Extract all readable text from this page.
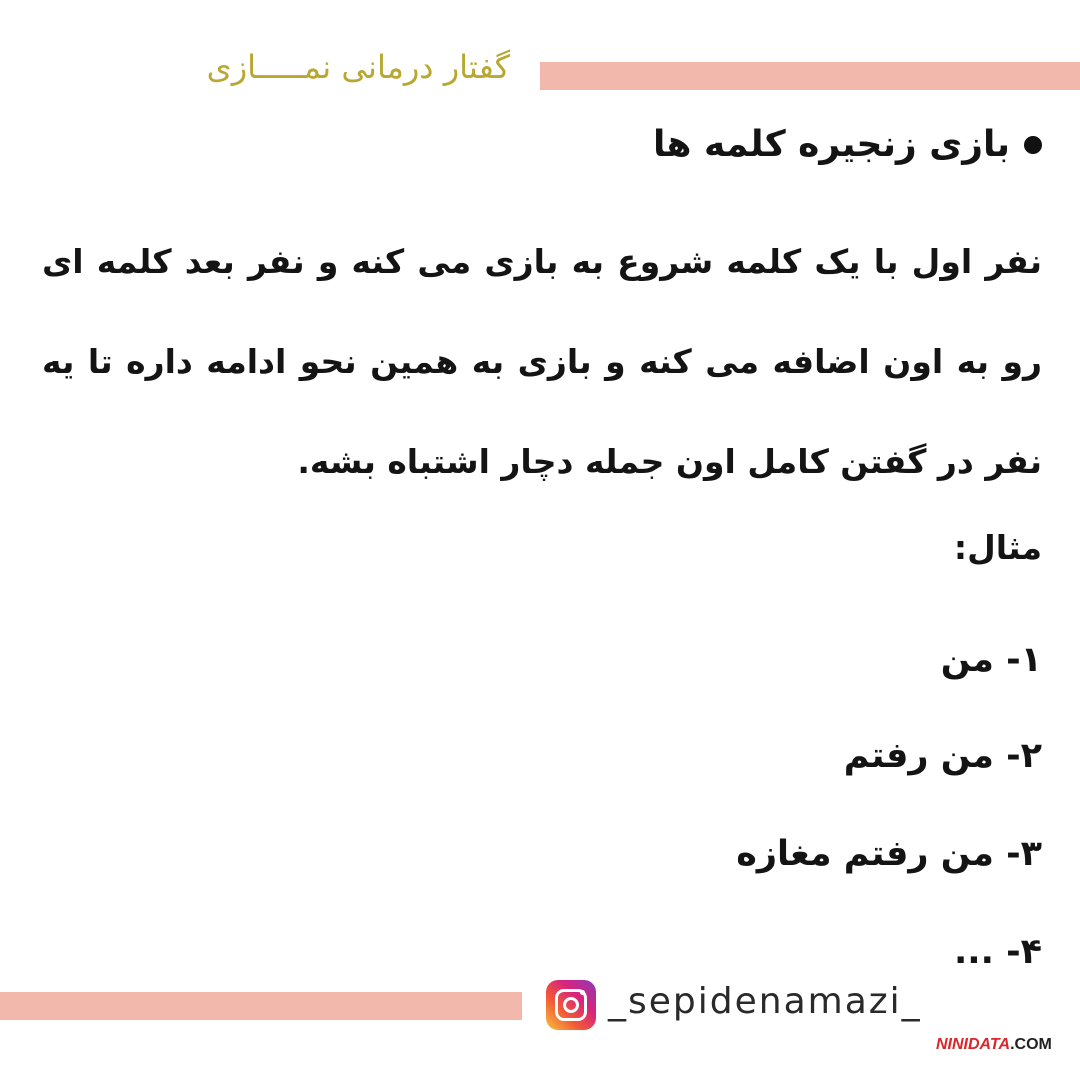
گفتار درمانی نمـــــازی
بازی زنجیره کلمه ها
نفر اول با یک کلمه شروع به بازی می کنه و نفر بعد کلمه ای رو به اون اضافه می کنه و بازی به همین نحو ادامه داره تا یه نفر در گفتن کامل اون جمله دچار اشتباه بشه.
مثال:
۱- من
۲- من رفتم
۳- من رفتم مغازه
۴- ...
_sepidenamazi_
NINIDATA.COM
